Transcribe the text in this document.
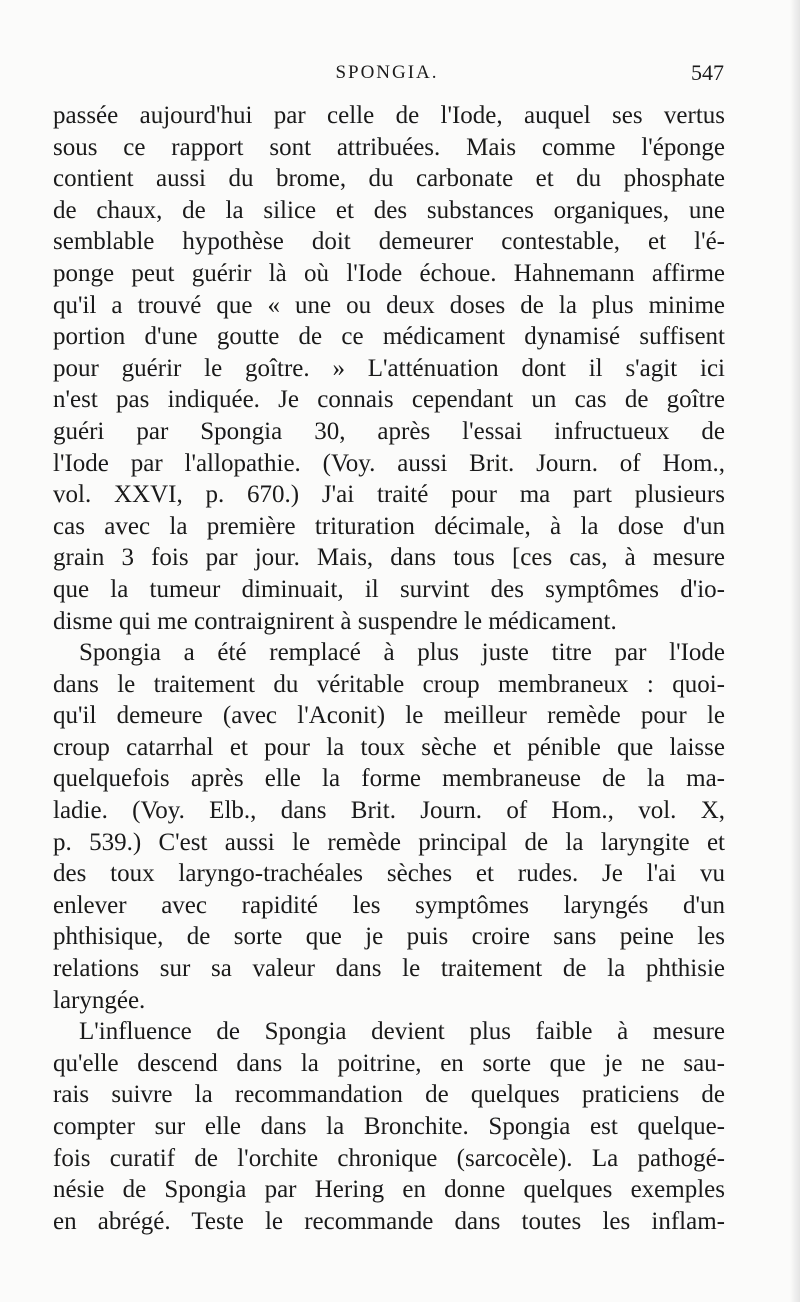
SPONGIA.	547
passée aujourd'hui par celle de l'Iode, auquel ses vertus
sous ce rapport sont attribuées. Mais comme l'éponge
contient aussi du brome, du carbonate et du phosphate
de chaux, de la silice et des substances organiques, une
semblable hypothèse doit demeurer contestable, et l'é-
ponge peut guérir là où l'Iode échoue. Hahnemann affirme
qu'il a trouvé que « une ou deux doses de la plus minime
portion d'une goutte de ce médicament dynamisé suffisent
pour guérir le goître. » L'atténuation dont il s'agit ici
n'est pas indiquée. Je connais cependant un cas de goître
guéri par Spongia 30, après l'essai infructueux de
l'Iode par l'allopathie. (Voy. aussi Brit. Journ. of Hom.,
vol. XXVI, p. 670.) J'ai traité pour ma part plusieurs
cas avec la première trituration décimale, à la dose d'un
grain 3 fois par jour. Mais, dans tous [ces cas, à mesure
que la tumeur diminuait, il survint des symptômes d'io-
disme qui me contraignirent à suspendre le médicament.
Spongia a été remplacé à plus juste titre par l'Iode
dans le traitement du véritable croup membraneux : quoi-
qu'il demeure (avec l'Aconit) le meilleur remède pour le
croup catarrhal et pour la toux sèche et pénible que laisse
quelquefois après elle la forme membraneuse de la ma-
ladie. (Voy. Elb., dans Brit. Journ. of Hom., vol. X,
p. 539.) C'est aussi le remède principal de la laryngite et
des toux laryngo-trachéales sèches et rudes. Je l'ai vu
enlever avec rapidité les symptômes laryngés d'un
phthisique, de sorte que je puis croire sans peine les
relations sur sa valeur dans le traitement de la phthisie
laryngée.
L'influence de Spongia devient plus faible à mesure
qu'elle descend dans la poitrine, en sorte que je ne sau-
rais suivre la recommandation de quelques praticiens de
compter sur elle dans la Bronchite. Spongia est quelque-
fois curatif de l'orchite chronique (sarcocèle). La pathogé-
nésie de Spongia par Hering en donne quelques exemples
en abrégé. Teste le recommande dans toutes les inflam-
